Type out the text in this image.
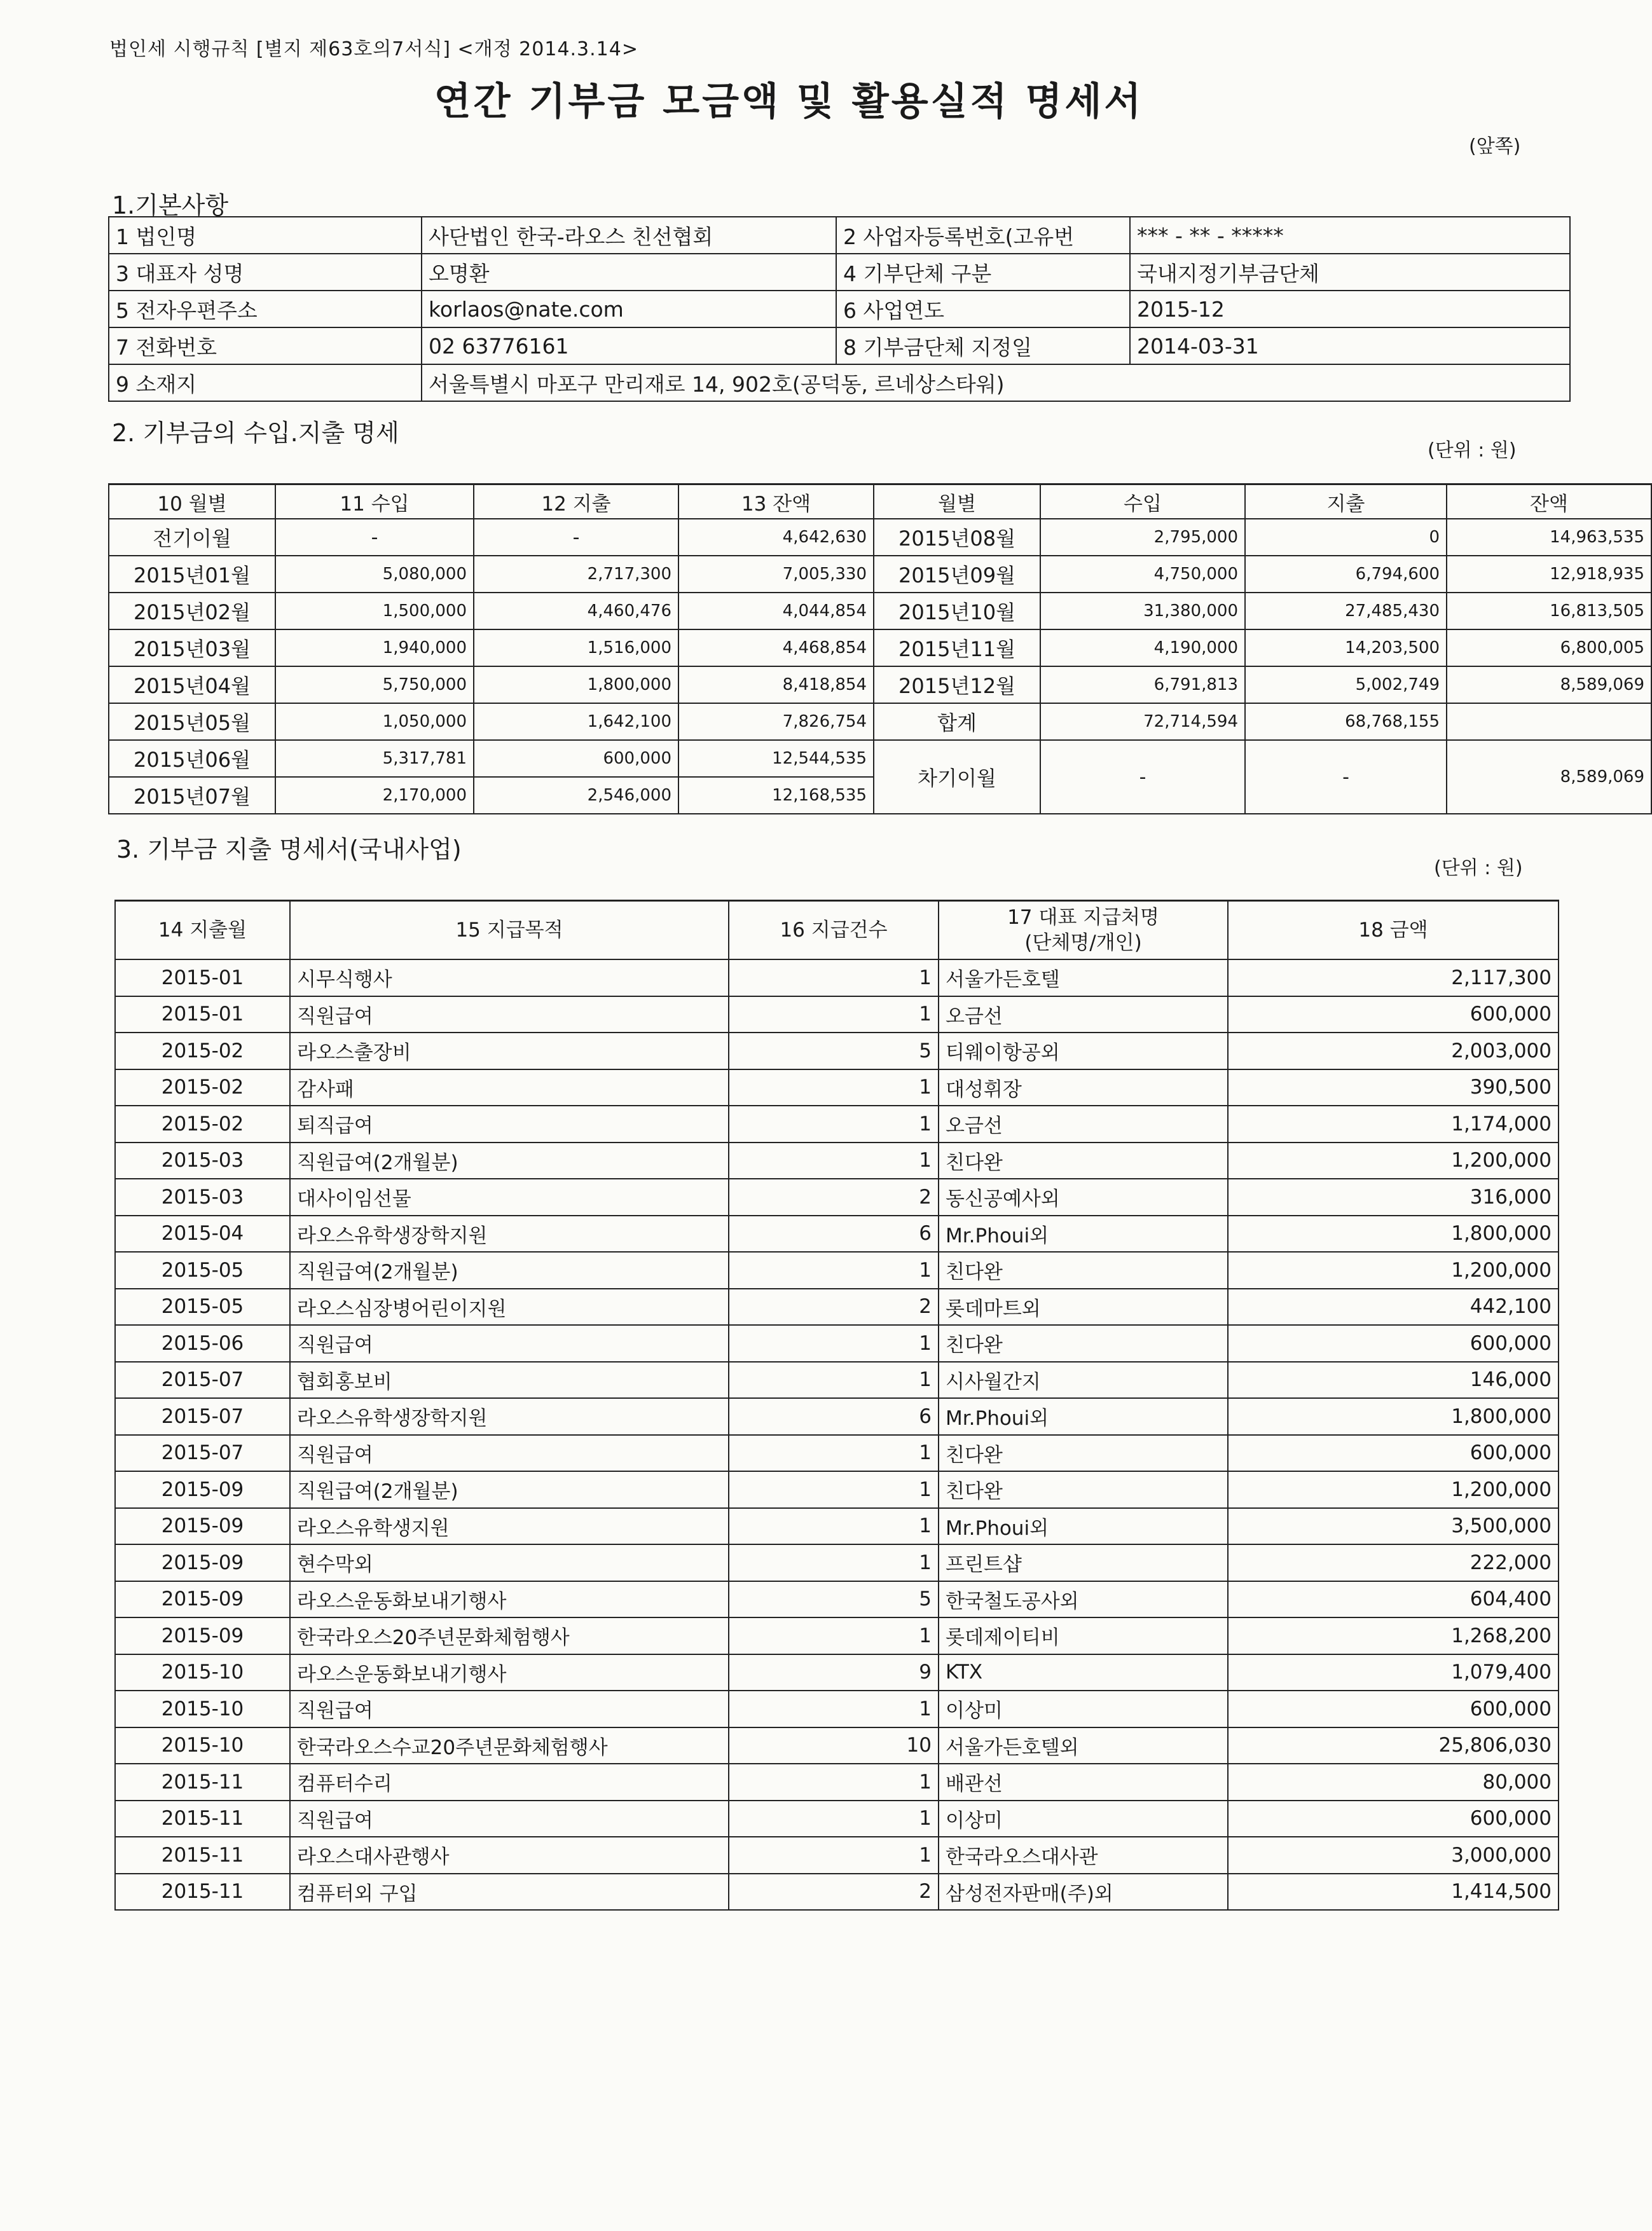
법인세 시행규칙 [별지 제63호의7서식] <개정 2014.3.14>
연간 기부금 모금액 및 활용실적 명세서
(앞쪽)
1.기본사항
1 법인명	사단법인 한국-라오스 친선협회	2 사업자등록번호(고유번	*** - ** - *****
3 대표자 성명	오명환	4 기부단체 구분	국내지정기부금단체
5 전자우편주소	korlaos@nate.com	6 사업연도	2015-12
7 전화번호	02 63776161	8 기부금단체 지정일	2014-03-31
9 소재지	서울특별시 마포구 만리재로 14, 902호(공덕동, 르네상스타워)		
2. 기부금의 수입.지출 명세
(단위 : 원)
10 월별	11 수입	12 지출	13 잔액	월별	수입	지출	잔액
전기이월	-	-	4,642,630	2015년08월	2,795,000	0	14,963,535
2015년01월	5,080,000	2,717,300	7,005,330	2015년09월	4,750,000	6,794,600	12,918,935
2015년02월	1,500,000	4,460,476	4,044,854	2015년10월	31,380,000	27,485,430	16,813,505
2015년03월	1,940,000	1,516,000	4,468,854	2015년11월	4,190,000	14,203,500	6,800,005
2015년04월	5,750,000	1,800,000	8,418,854	2015년12월	6,791,813	5,002,749	8,589,069
2015년05월	1,050,000	1,642,100	7,826,754	합계	72,714,594	68,768,155	
2015년06월	5,317,781	600,000	12,544,535	차기이월	-	-	8,589,069
2015년07월	2,170,000	2,546,000	12,168,535				
3. 기부금 지출 명세서(국내사업)
(단위 : 원)
14 지출월	15 지급목적	16 지급건수	17 대표 지급처명
(단체명/개인)	18 금액
2015-01	시무식행사	1	서울가든호텔	2,117,300
2015-01	직원급여	1	오금선	600,000
2015-02	라오스출장비	5	티웨이항공외	2,003,000
2015-02	감사패	1	대성휘장	390,500
2015-02	퇴직급여	1	오금선	1,174,000
2015-03	직원급여(2개월분)	1	친다완	1,200,000
2015-03	대사이임선물	2	동신공예사외	316,000
2015-04	라오스유학생장학지원	6	Mr.Phoui외	1,800,000
2015-05	직원급여(2개월분)	1	친다완	1,200,000
2015-05	라오스심장병어린이지원	2	롯데마트외	442,100
2015-06	직원급여	1	친다완	600,000
2015-07	협회홍보비	1	시사월간지	146,000
2015-07	라오스유학생장학지원	6	Mr.Phoui외	1,800,000
2015-07	직원급여	1	친다완	600,000
2015-09	직원급여(2개월분)	1	친다완	1,200,000
2015-09	라오스유학생지원	1	Mr.Phoui외	3,500,000
2015-09	현수막외	1	프린트샵	222,000
2015-09	라오스운동화보내기행사	5	한국철도공사외	604,400
2015-09	한국라오스20주년문화체험행사	1	롯데제이티비	1,268,200
2015-10	라오스운동화보내기행사	9	KTX	1,079,400
2015-10	직원급여	1	이상미	600,000
2015-10	한국라오스수교20주년문화체험행사	10	서울가든호텔외	25,806,030
2015-11	컴퓨터수리	1	배관선	80,000
2015-11	직원급여	1	이상미	600,000
2015-11	라오스대사관행사	1	한국라오스대사관	3,000,000
2015-11	컴퓨터외 구입	2	삼성전자판매(주)외	1,414,500
